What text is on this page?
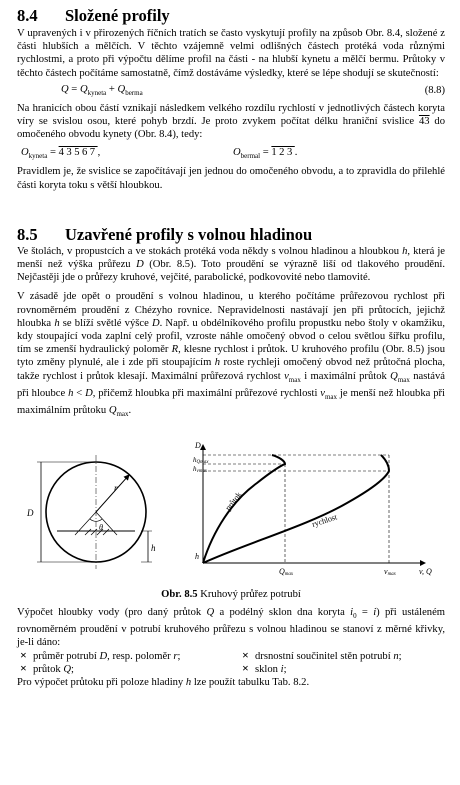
8.4	Složené profily

V upravených i v přirozených říčních tratích se často vyskytují profily na způsob Obr. 8.4, složené z části hlubších a mělčích. V těchto vzájemně velmi odlišných částech protéká voda různými rychlostmi, a proto při výpočtu dělíme profil na části - na hlubší kynetu a mělčí bermu. Průtoky v těchto částech počítáme samostatně, čímž dostáváme výsledky, které se lépe shodují se skutečností:

$Q = Q_{kyneta} + Q_{berma}$	(8.8)

Na hranicích obou částí vznikají následkem velkého rozdílu rychlostí v jednotlivých částech koryta víry se svislou osou, které pohyb brzdí. Je proto zvykem počítat délku hraniční svislice 43 do omočeného obvodu kynety (Obr. 8.4), tedy:

$O_{kyneta} = 43567$,	$O_{bermal} = 123$.

Pravidlem je, že svislice se započítávají jen jednou do omočeného obvodu, a to zpravidla do přilehlé části koryta toku s větší hloubkou.

8.5	Uzavřené profily s volnou hladinou

Ve štolách, v propustcích a ve stokách protéká voda někdy s volnou hladinou a hloubkou h, která je menší než výška průřezu D (Obr. 8.5). Toto proudění se výrazně liší od tlakového proudění. Nejčastěji jde o průřezy kruhové, vejčité, parabolické, podkovovité nebo tlamovité.

V zásadě jde opět o proudění s volnou hladinou, u kterého počítáme průřezovou rychlost při rovnoměrném proudění z Chézyho rovnice. Nepravidelnosti nastávají jen při průtocích, jejichž hloubka h se blíží světlé výšce D. Např. u obdélníkového profilu propustku nebo štoly v okamžiku, kdy stoupající voda zaplní celý profil, vzroste náhle omočený obvod o celou světlou šířku profilu, tím se zmenší hydraulický poloměr R, klesne rychlost i průtok. U kruhového profilu (Obr. 8.5) jsou tyto změny plynulé, ale i zde při stoupajícím h roste rychleji omočený obvod než průtočná plocha, takže rychlost i průtok klesají. Maximální průřezová rychlost $v_{max}$ i maximální průtok $Q_{max}$ nastává při hloubce h < D, přičemž hloubka při maximální průřezové rychlosti $v_{max}$ je menší než hloubka při maximálním průtoku $Q_{max}$.

D
r
h
θ
D
hQmax
hvmax
h
průtok
rychlost
Qmax	vmax	v, Q
Obr. 8.5 Kruhový průřez potrubí

Výpočet hloubky vody (pro daný průtok Q a podélný sklon dna koryta $i_0 = i$) při ustáleném rovnoměrném proudění v potrubí kruhového průřezu s volnou hladinou se stanoví z měrné křivky, je-li dáno:

× průměr potrubí D, resp. poloměr r;	× drsnostní součinitel stěn potrubí n;
× průtok Q;	× sklon i;

Pro výpočet průtoku při poloze hladiny h lze použít tabulku Tab. 8.2.
